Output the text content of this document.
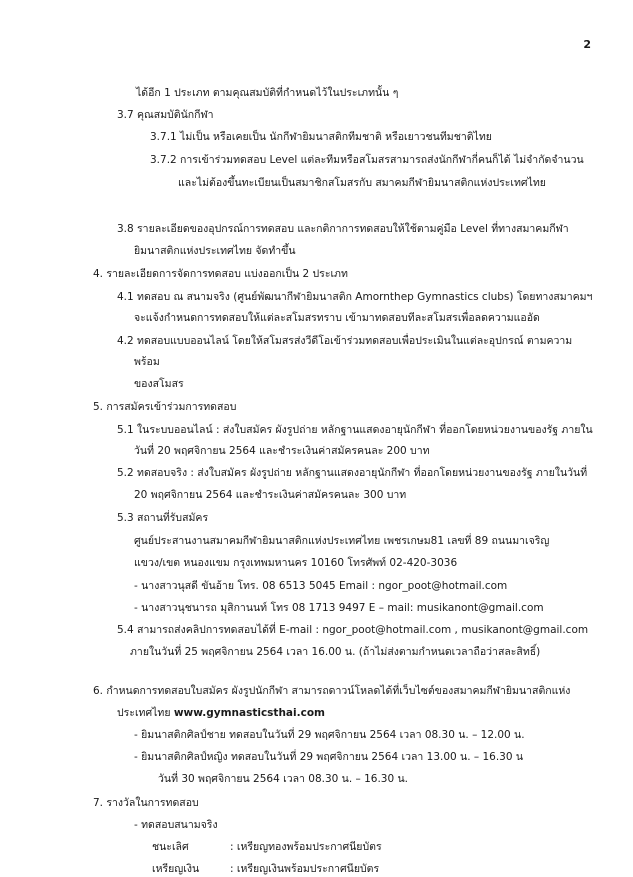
2
ได้อีก 1 ประเภท ตามคุณสมบัติที่กำหนดไว้ในประเภทนั้น ๆ
3.7 คุณสมบัตินักกีฬา
3.7.1 ไม่เป็น หรือเคยเป็น นักกีฬายิมนาสติกทีมชาติ หรือเยาวชนทีมชาติไทย
3.7.2 การเข้าร่วมทดสอบ Level แต่ละทีมหรือสโมสรสามารถส่งนักกีฬากี่คนก็ได้ ไม่จำกัดจำนวน
และไม่ต้องขึ้นทะเบียนเป็นสมาชิกสโมสรกับ สมาคมกีฬายิมนาสติกแห่งประเทศไทย
3.8 รายละเอียดของอุปกรณ์การทดสอบ และกติกาการทดสอบให้ใช้ตามคู่มือ Level ที่ทางสมาคมกีฬา
ยิมนาสติกแห่งประเทศไทย จัดทำขึ้น
4. รายละเอียดการจัดการทดสอบ แบ่งออกเป็น 2 ประเภท
4.1 ทดสอบ ณ สนามจริง (ศูนย์พัฒนากีฬายิมนาสติก Amornthep Gymnastics clubs) โดยทางสมาคมฯ
จะแจ้งกำหนดการทดสอบให้แต่ละสโมสรทราบ เข้ามาทดสอบทีละสโมสรเพื่อลดความแออัด
4.2 ทดสอบแบบออนไลน์ โดยให้สโมสรส่งวีดีโอเข้าร่วมทดสอบเพื่อประเมินในแต่ละอุปกรณ์ ตามความ
พร้อม
ของสโมสร
5. การสมัครเข้าร่วมการทดสอบ
5.1 ในระบบออนไลน์ : ส่งใบสมัคร ผังรูปถ่าย หลักฐานแสดงอายุนักกีฬา ที่ออกโดยหน่วยงานของรัฐ ภายใน
วันที่ 20 พฤศจิกายน 2564 และชำระเงินค่าสมัครคนละ 200 บาท
5.2 ทดสอบจริง : ส่งใบสมัคร ผังรูปถ่าย หลักฐานแสดงอายุนักกีฬา ที่ออกโดยหน่วยงานของรัฐ ภายในวันที่
20 พฤศจิกายน 2564 และชำระเงินค่าสมัครคนละ 300 บาท
5.3 สถานที่รับสมัคร
ศูนย์ประสานงานสมาคมกีฬายิมนาสติกแห่งประเทศไทย เพชรเกษม81 เลขที่ 89 ถนนมาเจริญ
แขวง/เขต หนองแขม กรุงเทพมหานคร 10160 โทรศัพท์ 02-420-3036
- นางสาวนุสดี ขันอ้าย โทร. 08 6513 5045 Email : ngor_poot@hotmail.com
- นางสาวนุชนารถ มุสิกานนท์ โทร 08 1713 9497 E – mail: musikanont@gmail.com
5.4 สามารถส่งคลิปการทดสอบได้ที่ E-mail : ngor_poot@hotmail.com , musikanont@gmail.com
ภายในวันที่ 25 พฤศจิกายน 2564 เวลา 16.00 น. (ถ้าไม่ส่งตามกำหนดเวลาถือว่าสละสิทธิ์)
6. กำหนดการทดสอบใบสมัคร ผังรูปนักกีฬา สามารถดาวน์โหลดได้ที่เว็บไซต์ของสมาคมกีฬายิมนาสติกแห่ง
ประเทศไทย www.gymnasticsthai.com
- ยิมนาสติกศิลป์ชาย ทดสอบในวันที่ 29 พฤศจิกายน 2564 เวลา 08.30 น. – 12.00 น.
- ยิมนาสติกศิลป์หญิง ทดสอบในวันที่ 29 พฤศจิกายน 2564 เวลา 13.00 น. – 16.30 น
วันที่ 30 พฤศจิกายน 2564 เวลา 08.30 น. – 16.30 น.
7. รางวัลในการทดสอบ
- ทดสอบสนามจริง
ชนะเลิศ	: เหรียญทองพร้อมประกาศนียบัตร
เหรียญเงิน	: เหรียญเงินพร้อมประกาศนียบัตร
